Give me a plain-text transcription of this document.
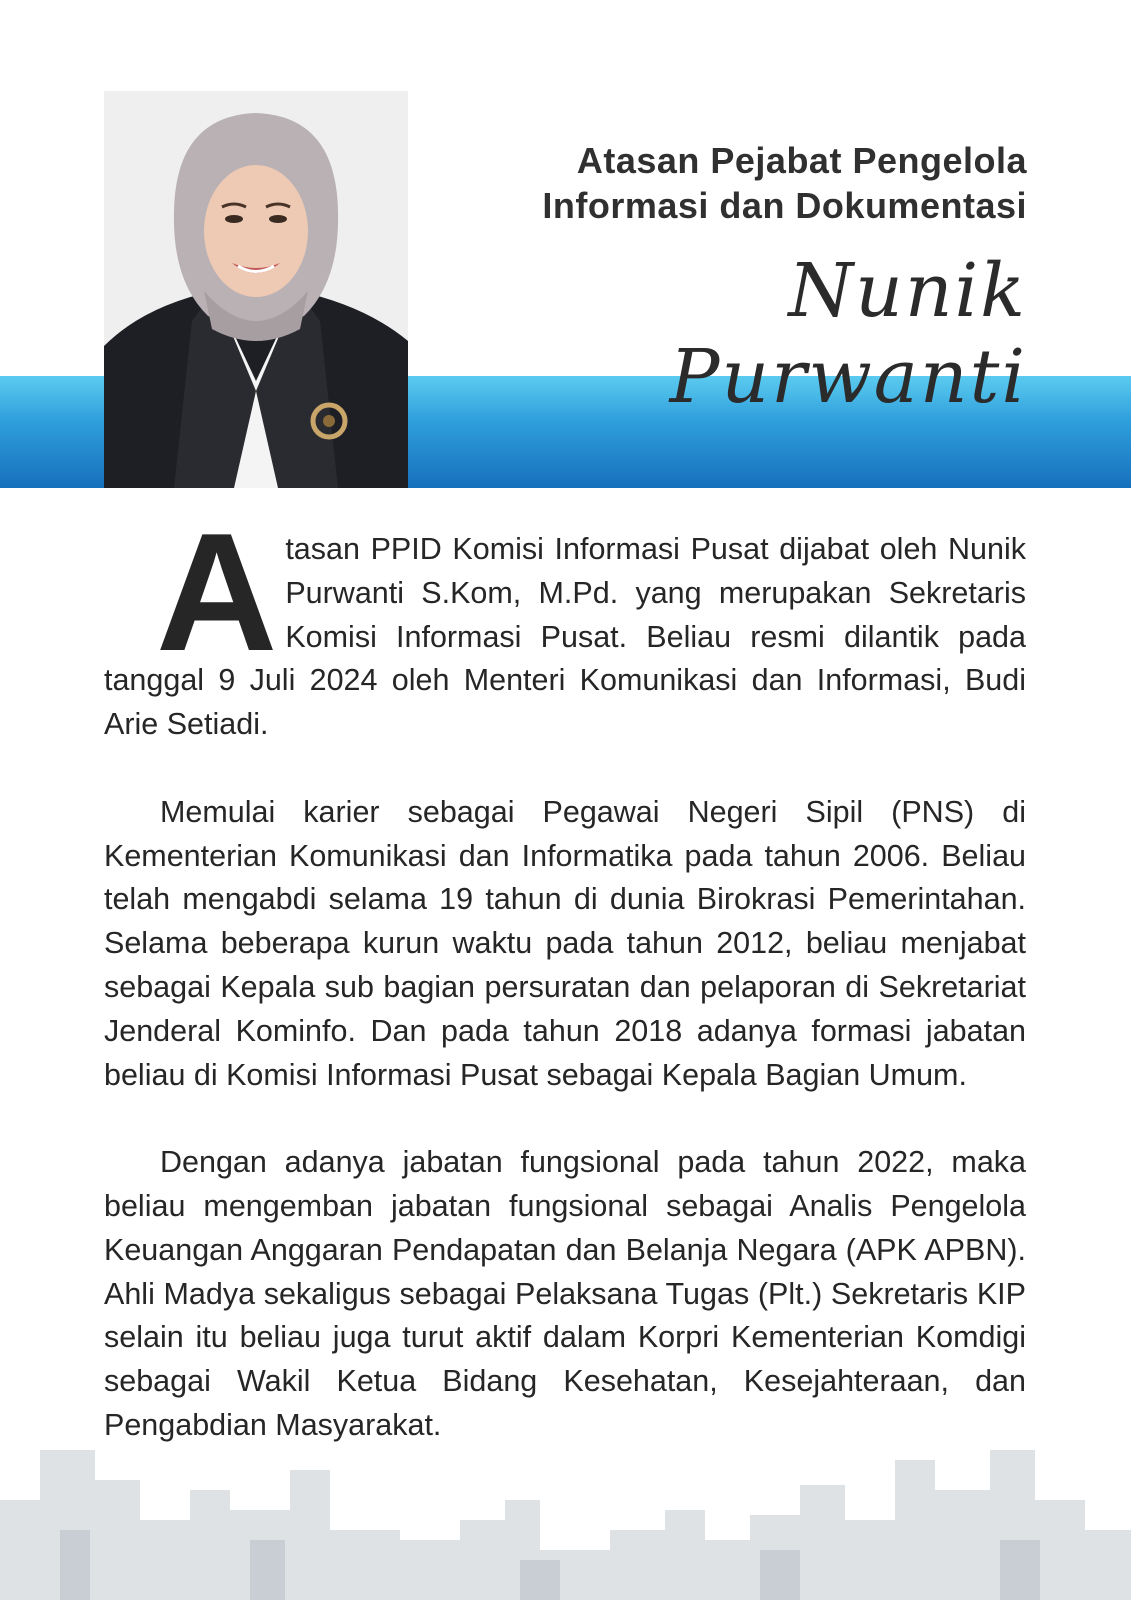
Atasan Pejabat Pengelola
Informasi dan Dokumentasi
Nunik Purwanti

A tasan PPID Komisi Informasi Pusat dijabat oleh Nunik Purwanti S.Kom, M.Pd. yang merupakan Sekretaris Komisi Informasi Pusat. Beliau resmi dilantik pada tanggal 9 Juli 2024 oleh Menteri Komunikasi dan Informasi, Budi Arie Setiadi.

Memulai karier sebagai Pegawai Negeri Sipil (PNS) di Kementerian Komunikasi dan Informatika pada tahun 2006. Beliau telah mengabdi selama 19 tahun di dunia Birokrasi Pemerintahan. Selama beberapa kurun waktu pada tahun 2012, beliau menjabat sebagai Kepala sub bagian persuratan dan pelaporan di Sekretariat Jenderal Kominfo. Dan pada tahun 2018 adanya formasi jabatan beliau di Komisi Informasi Pusat sebagai Kepala Bagian Umum.

Dengan adanya jabatan fungsional pada tahun 2022, maka beliau mengemban jabatan fungsional sebagai Analis Pengelola Keuangan Anggaran Pendapatan dan Belanja Negara (APK APBN). Ahli Madya sekaligus sebagai Pelaksana Tugas (Plt.) Sekretaris KIP selain itu beliau juga turut aktif dalam Korpri Kementerian Komdigi sebagai Wakil Ketua Bidang Kesehatan, Kesejahteraan, dan Pengabdian Masyarakat.
